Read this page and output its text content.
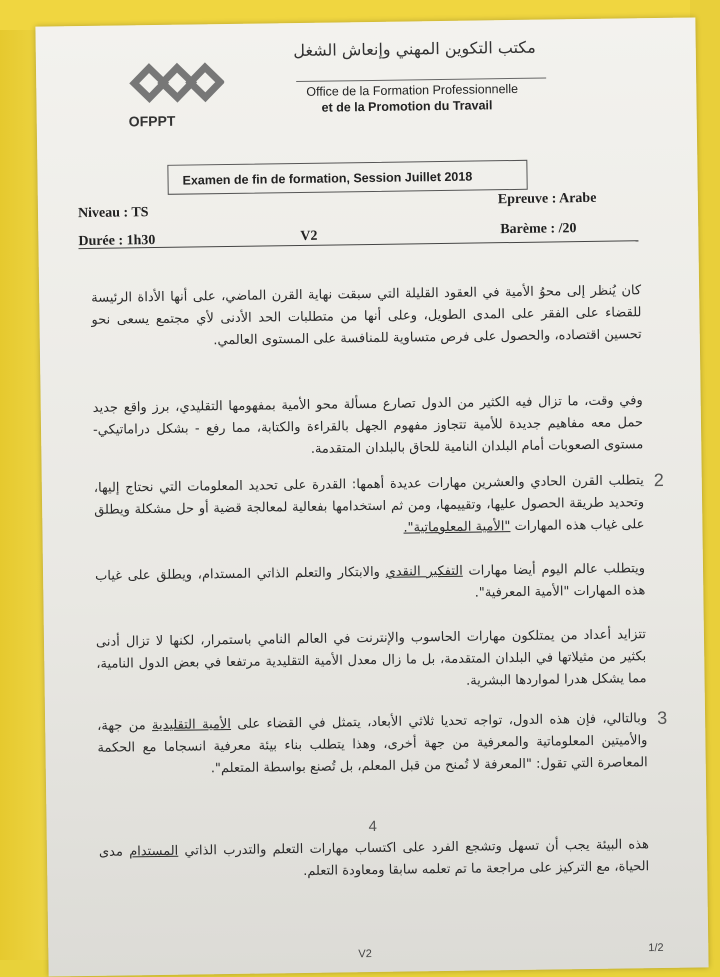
OFPPT
مكتب التكوين المهني وإنعاش الشغل
Office de la Formation Professionnelle
et de la Promotion du Travail
Examen de fin de formation, Session Juillet 2018
Niveau : TS
Epreuve : Arabe
Durée : 1h30	V2	Barème : /20
كان يُنظر إلى محوُ الأمية في العقود القليلة التي سبقت نهاية القرن الماضي، على أنها الأداة الرئيسة للقضاء على الفقر على المدى الطويل، وعلى أنها من متطلبات الحد الأدنى لأي مجتمع يسعى نحو تحسين اقتصاده، والحصول على فرص متساوية للمنافسة على المستوى العالمي.
وفي وقت، ما تزال فيه الكثير من الدول تصارع مسألة محو الأمية بمفهومها التقليدي، برز واقع جديد حمل معه مفاهيم جديدة للأمية تتجاوز مفهوم الجهل بالقراءة والكتابة، مما رفع - بشكل دراماتيكي- مستوى الصعوبات أمام البلدان النامية للحاق بالبلدان المتقدمة.
2
يتطلب القرن الحادي والعشرين مهارات عديدة أهمها: القدرة على تحديد المعلومات التي نحتاج إليها، وتحديد طريقة الحصول عليها، وتقييمها، ومن ثم استخدامها بفعالية لمعالجة قضية أو حل مشكلة ويطلق على غياب هذه المهارات "الأمية المعلوماتية".
ويتطلب عالم اليوم أيضا مهارات التفكير النقدي والابتكار والتعلم الذاتي المستدام، ويطلق على غياب هذه المهارات "الأمية المعرفية".
تتزايد أعداد من يمتلكون مهارات الحاسوب والإنترنت في العالم النامي باستمرار، لكنها لا تزال أدنى بكثير من مثيلاتها في البلدان المتقدمة، بل ما زال معدل الأمية التقليدية مرتفعا في بعض الدول النامية، مما يشكل هدرا لمواردها البشرية.
3
وبالتالي، فإن هذه الدول، تواجه تحديا ثلاثي الأبعاد، يتمثل في القضاء على الأمية التقليدية من جهة، والأميتين المعلوماتية والمعرفية من جهة أخرى، وهذا يتطلب بناء بيئة معرفية انسجاما مع الحكمة المعاصرة التي تقول: "المعرفة لا تُمنح من قبل المعلم، بل تُصنع بواسطة المتعلم".
4
هذه البيئة يجب أن تسهل وتشجع الفرد على اكتساب مهارات التعلم والتدرب الذاتي المستدام مدى الحياة، مع التركيز على مراجعة ما تم تعلمه سابقا ومعاودة التعلم.
V2	1/2
